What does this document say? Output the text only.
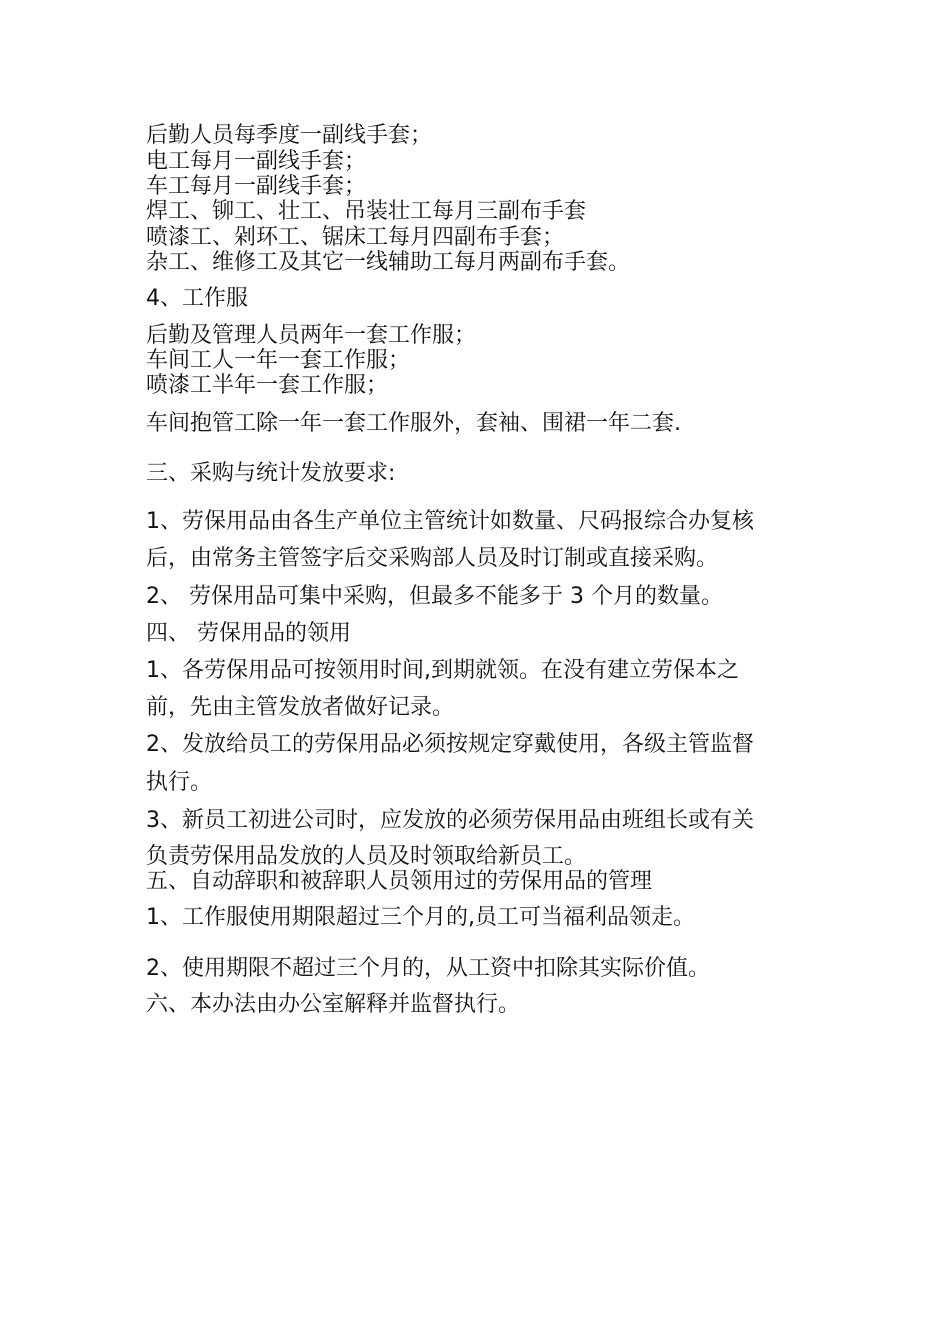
后勤人员每季度一副线手套；
电工每月一副线手套；
车工每月一副线手套；
焊工、铆工、壮工、吊装壮工每月三副布手套
喷漆工、剁环工、锯床工每月四副布手套；
杂工、维修工及其它一线辅助工每月两副布手套。
4、工作服
后勤及管理人员两年一套工作服；
车间工人一年一套工作服；
喷漆工半年一套工作服；
车间抱管工除一年一套工作服外，套袖、围裙一年二套.
三、采购与统计发放要求:
1、劳保用品由各生产单位主管统计如数量、尺码报综合办复核
后，由常务主管签字后交采购部人员及时订制或直接采购。
2、 劳保用品可集中采购，但最多不能多于 3 个月的数量。
四、 劳保用品的领用
1、各劳保用品可按领用时间,到期就领。在没有建立劳保本之
前，先由主管发放者做好记录。
2、发放给员工的劳保用品必须按规定穿戴使用，各级主管监督
执行。
3、新员工初进公司时，应发放的必须劳保用品由班组长或有关
负责劳保用品发放的人员及时领取给新员工。
五、自动辞职和被辞职人员领用过的劳保用品的管理
1、工作服使用期限超过三个月的,员工可当福利品领走。
2、使用期限不超过三个月的，从工资中扣除其实际价值。
六、本办法由办公室解释并监督执行。
